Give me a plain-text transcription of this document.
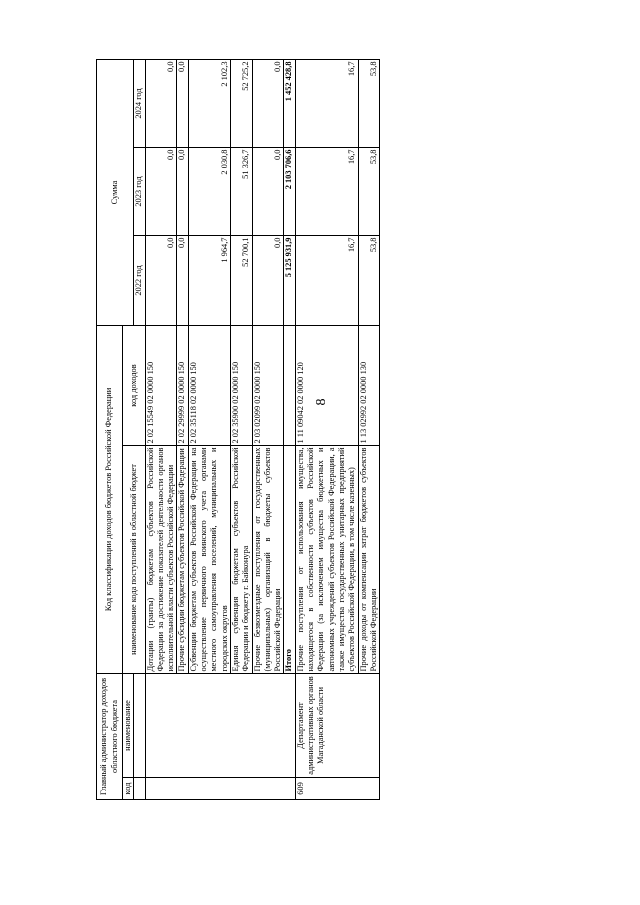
8
Главный администратор доходов областного бюджета		Код классификации доходов бюджетов Российской Федерации		Сумма		
код	наименование	наименование кода поступлений в областной бюджет	код доходов			
				2022 год	2023 год	2024 год
		Дотации (гранты) бюджетам субъектов Российской Федерации за достижение показателей деятельности органов исполнительной власти субъектов Российской Федерации	2 02 15549 02 0000 150	0,0	0,0	0,0
		Прочие субсидии бюджетам субъектов Российской Федерации	2 02 29999 02 0000 150	0,0	0,0	0,0
		Субвенции бюджетам субъектов Российской Федерации на осуществление первичного воинского учета органами местного самоуправления поселений, муниципальных и городских округов	2 02 35118 02 0000 150	1 964,7	2 030,8	2 102,3
		Единая субвенция бюджетам субъектов Российской Федерации и бюджету г. Байконура	2 02 35900 02 0000 150	52 700,1	51 326,7	52 725,2
		Прочие безвозмездные поступления от государственных (муниципальных) организаций в бюджеты субъектов Российской Федерации	2 03 02099 02 0000 150	0,0	0,0	0,0
		Итого		5 125 931,9	2 103 706,6	1 452 428,8
609	Департамент административных органов Магаданской области	Прочие поступления от использования имущества, находящегося в собственности субъектов Российской Федерации (за исключением имущества бюджетных и автономных учреждений субъектов Российской Федерации, а также имущества государственных унитарных предприятий субъектов Российской Федерации, в том числе казенных)	1 11 09042 02 0000 120	16,7	16,7	16,7
		Прочие доходы от компенсации затрат бюджетов субъектов Российской Федерации	1 13 02992 02 0000 130	53,8	53,8	53,8
